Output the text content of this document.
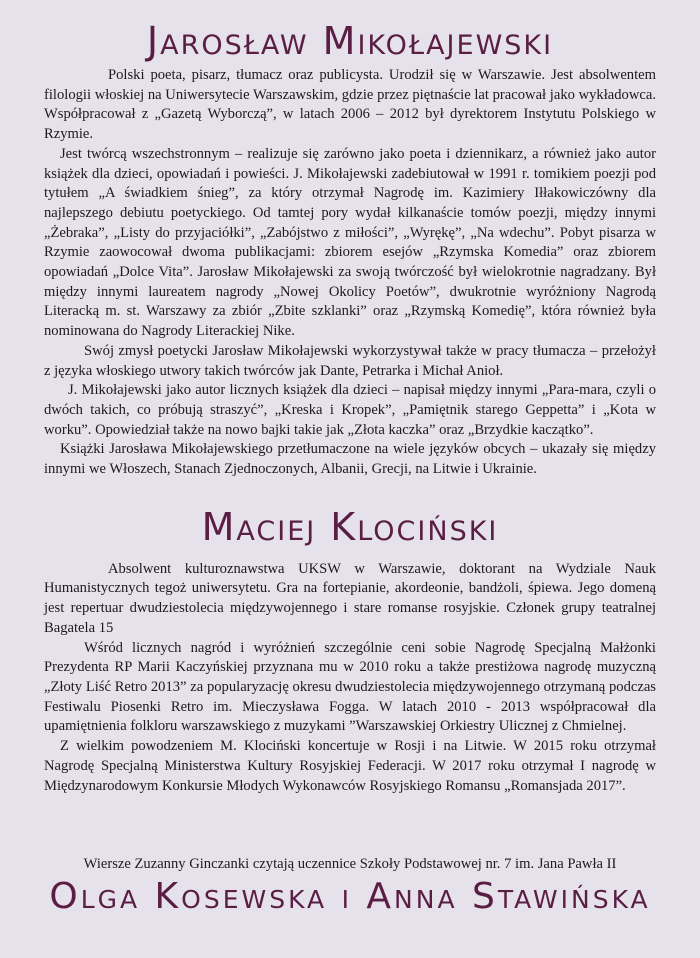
Jarosław Mikołajewski

Polski poeta, pisarz, tłumacz oraz publicysta. Urodził się w Warszawie. Jest absolwentem filologii włoskiej na Uniwersytecie Warszawskim, gdzie przez piętnaście lat pracował jako wykładowca. Współpracował z „Gazetą Wyborczą”, w latach 2006 – 2012 był dyrektorem Instytutu Polskiego w Rzymie.

Jest twórcą wszechstronnym – realizuje się zarówno jako poeta i dziennikarz, a również jako autor książek dla dzieci, opowiadań i powieści. J. Mikołajewski zadebiutował w 1991 r. tomikiem poezji pod tytułem „A świadkiem śnieg”, za który otrzymał Nagrodę im. Kazimiery Iłłakowiczówny dla najlepszego debiutu poetyckiego. Od tamtej pory wydał kilkanaście tomów poezji, między innymi „Żebraka”, „Listy do przyjaciółki”, „Zabójstwo z miłości”, „Wyrękę”, „Na wdechu”. Pobyt pisarza w Rzymie zaowocował dwoma publikacjami: zbiorem esejów „Rzymska Komedia” oraz zbiorem opowiadań „Dolce Vita”. Jarosław Mikołajewski za swoją twórczość był wielokrotnie nagradzany. Był między innymi laureatem nagrody „Nowej Okolicy Poetów”, dwukrotnie wyróżniony Nagrodą Literacką m. st. Warszawy za zbiór „Zbite szklanki” oraz „Rzymską Komedię”, która również była nominowana do Nagrody Literackiej Nike.

Swój zmysł poetycki Jarosław Mikołajewski wykorzystywał także w pracy tłumacza – przełożył z języka włoskiego utwory takich twórców jak Dante, Petrarka i Michał Anioł.

J. Mikołajewski jako autor licznych książek dla dzieci – napisał między innymi „Para-mara, czyli o dwóch takich, co próbują straszyć”, „Kreska i Kropek”, „Pamiętnik starego Geppetta” i „Kota w worku”. Opowiedział także na nowo bajki takie jak „Złota kaczka” oraz „Brzydkie kaczątko”.

Książki Jarosława Mikołajewskiego przetłumaczone na wiele języków obcych – ukazały się między innymi we Włoszech, Stanach Zjednoczonych, Albanii, Grecji, na Litwie i Ukrainie.

Maciej Klociński

Absolwent kulturoznawstwa UKSW w Warszawie, doktorant na Wydziale Nauk Humanistycznych tegoż uniwersytetu. Gra na fortepianie, akordeonie, bandżoli, śpiewa. Jego domeną jest repertuar dwudziestolecia międzywojennego i stare romanse rosyjskie. Członek grupy teatralnej Bagatela 15

Wśród licznych nagród i wyróżnień szczególnie ceni sobie Nagrodę Specjalną Małżonki Prezydenta RP Marii Kaczyńskiej przyznana mu w 2010 roku a także prestiżowa nagrodę muzyczną „Złoty Liść Retro 2013” za popularyzację okresu dwudziestolecia międzywojennego otrzymaną podczas Festiwalu Piosenki Retro im. Mieczysława Fogga. W latach 2010 - 2013 współpracował dla upamiętnienia folkloru warszawskiego z muzykami ”Warszawskiej Orkiestry Ulicznej z Chmielnej.

Z wielkim powodzeniem M. Klociński koncertuje w Rosji i na Litwie. W 2015 roku otrzymał Nagrodę Specjalną Ministerstwa Kultury Rosyjskiej Federacji. W 2017 roku otrzymał I nagrodę w Międzynarodowym Konkursie Młodych Wykonawców Rosyjskiego Romansu „Romansjada 2017”.

Wiersze Zuzanny Ginczanki czytają uczennice Szkoły Podstawowej nr. 7 im. Jana Pawła II
Olga Kosewska i Anna Stawińska
